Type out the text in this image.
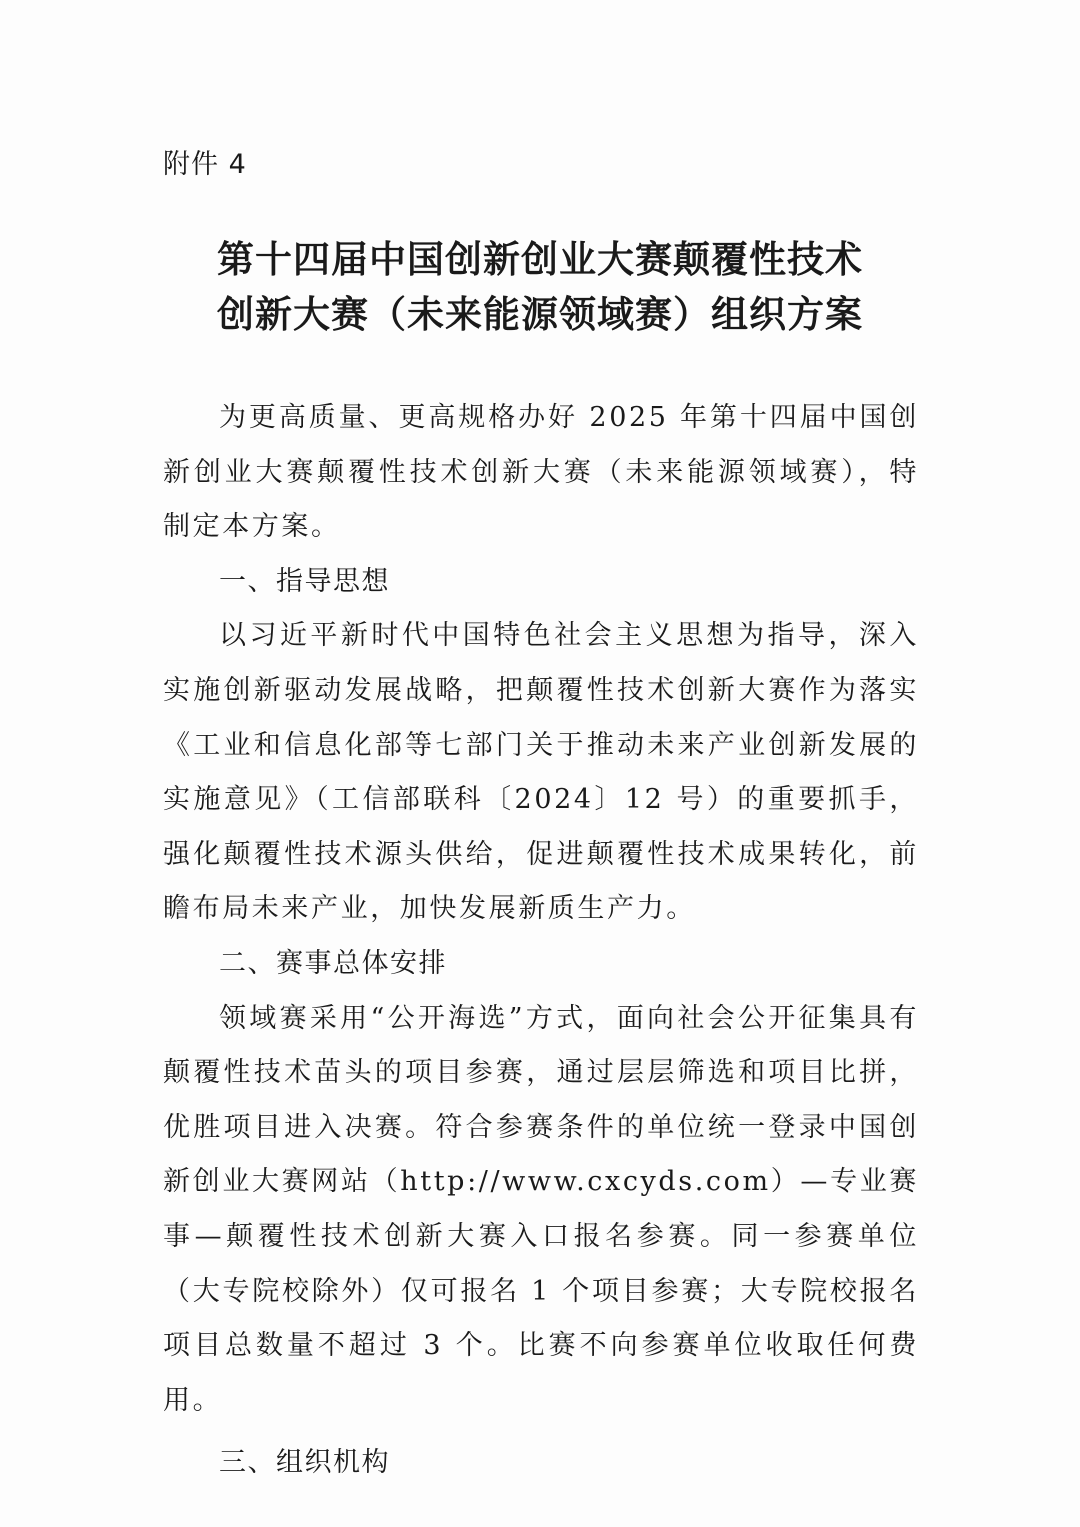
附件 4
第十四届中国创新创业大赛颠覆性技术
创新大赛（未来能源领域赛）组织方案

为更高质量、更高规格办好 2025 年第十四届中国创新创业大赛颠覆性技术创新大赛（未来能源领域赛），特制定本方案。

一、指导思想

以习近平新时代中国特色社会主义思想为指导，深入实施创新驱动发展战略，把颠覆性技术创新大赛作为落实《工业和信息化部等七部门关于推动未来产业创新发展的实施意见》（工信部联科〔2024〕12 号）的重要抓手，强化颠覆性技术源头供给，促进颠覆性技术成果转化，前瞻布局未来产业，加快发展新质生产力。

二、赛事总体安排

领域赛采用“公开海选”方式，面向社会公开征集具有颠覆性技术苗头的项目参赛，通过层层筛选和项目比拼，优胜项目进入决赛。符合参赛条件的单位统一登录中国创新创业大赛网站（http://www.cxcyds.com）—专业赛事—颠覆性技术创新大赛入口报名参赛。同一参赛单位（大专院校除外）仅可报名 1 个项目参赛；大专院校报名项目总数量不超过 3 个。比赛不向参赛单位收取任何费用。

三、组织机构
